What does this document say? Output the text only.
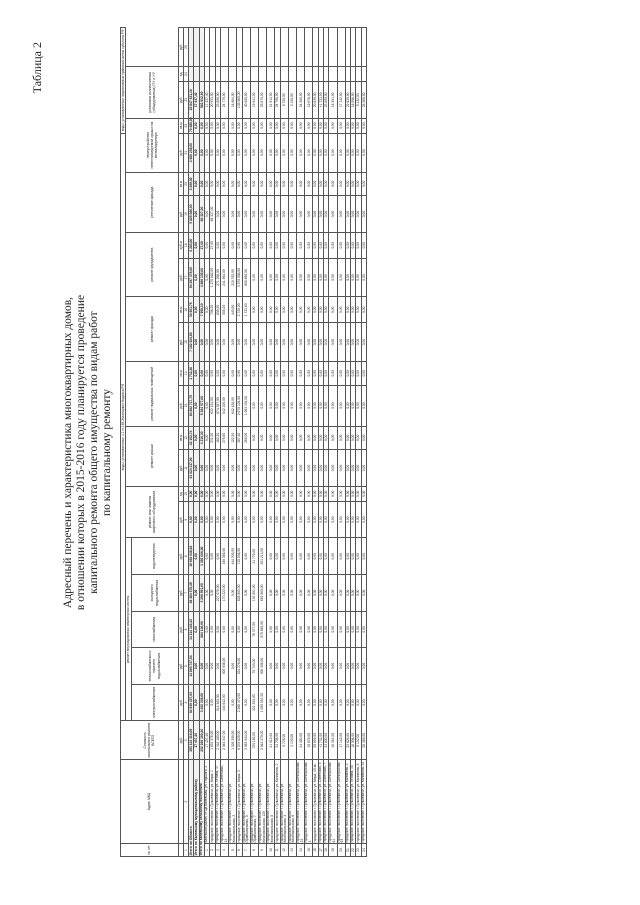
Таблица 2
Адресный перечень и характеристика многоквартирных домов, в отношении которых в 2015-2016 году планируется проведение капитального ремонта общего имущества по видам работ по капитальному ремонту
№ п/п	Адрес МКД	Стоимость капитального ремонта ВСЕГО	виды, установленные ч.1 ст.166 Жилищного Кодекса РФ																		виды, установленные нормативным правовым актом субъекта РФ			
			ремонт внутридомовых инженерных систем					ремонт или замена лифтового оборудования		ремонт крыши		ремонт подвальных помещений		ремонт фасада		ремонт фундамента		утепление фасада		переустройство невентилируемой крыши на вентилируемую		установка коллективных (общедомовых) ПУ и УУ		
			электроснабжения	теплоснабжения и горячего водоснабжения	газоснабжения	холодного водоснабжения	водоотведения																	
		руб.	руб.	руб.	руб.	руб.	руб.	руб.	ед.	руб.	кв.м	руб.	кв.м	руб.	кв.м	руб.	куб.м	руб.	кв.м	руб.	кв.м	руб.	ед.	руб.
1	2	3	4	5	6	7	8	9	10	11	12	13	14	15	16	17	18	19	20	21	22	23	24	25
Итого по Области		393 124 316,09	64 939 157,63	13 893 737,04	14 114 140,42	28 384 579,49	19 664 048,64	0,00	0,00	61 624 117,00	42 152,74	84 862 717,75	1 732,20	7 182 624,80	30 601,75	94 297 379,00	6 283,00	5 825 080,00	3 299,00	4 686 239,00	76 680,00	25 847 521,16		
Итого по Каневскому муниципальному району		17 437,40	0,00	0,00	0,00	0,00	0,00	0,00	0,00	0,00	0,00	0,00	0,00	0,00	0,00	0,00	0,00	0,00	0,00	0,00	0,00	17 437,40		
Итого по Каневскому сельскому поселению		262 266 160,40	3 462 336,00	0,00	684 140,00	3 296 551,00	1 392 066,00	0,00	0,00	0,00	4 216,30	5 184 577,00	0,00	0,00	7 958,10	4 896 135,00	27,00	86 327,00	0,00	0,00	0,00	582 912,60		
1	Каневской район, ст-ца Каневская, ул. Горького, 2	17 437,40	0,00	0,00	0,00	0,00	0,00	0,00	0,00	0,00	0,00	0,00	0,00	0,00	0,00	0,00	0,00	0,00	0,00	0,00	0,00	17 437,40		
2	городское поселение г. Гулькевичи, ул. Мира, 1	1 933 376,00	0,00	0,00	0,00	0,00	0,00	0,00	0,00	0,00	231,20	632 134,00	0,00	0,00	706,20	1 270 682,00	27,00	86 327,00	0,00	0,00	0,00	20 533,00		
3	городское поселение г. Гулькевичи, ул. Ленина, 37	2 318 190,00	514 360,00	0,00	0,00	227 078,00	0,00	0,00	0,00	0,00	182,20	974 357,00	0,00	0,00	605,30	271 296,00	0,00	0,00	0,00	0,00	0,00	23 899,00		
4	городское поселение г. Гулькевичи, ул. Советская, 24	2 045 347,00	444 642,00	309 536,00	0,00	170 222,00	190 085,00	0,00	0,00	0,00	276,60	842 229,00	0,00	0,00	555,20	241 964,00	0,00	0,00	0,00	0,00	0,00	24 779,00		
5	городское поселение г. Гулькевичи, ул. Комсомольская, 2	1 326 359,00	0,00	0,00	0,00	0,00	444 303,00	0,00	0,00	0,00	122,30	642 428,00	0,00	0,00	440,50	215 792,00	0,00	0,00	0,00	0,00	0,00	16 984,00		
6	городское поселение г. Гулькевичи, ул. Мира, 3	9 578 629,00	2 266 470,00	224 278,00	0,00	626 903,00	715 536,00	0,00	0,00	0,00	387,40	2 670 104,00	0,00	0,00	2 725,00	3 570 958,00	0,00	0,00	0,00	0,00	0,00	105 565,00		
7	городское поселение г. Гулькевичи, ул. Привокзальная, 5	3 963 944,00	0,00	0,00	0,00	0,00	0,00	0,00	0,00	0,00	269,00	1 063 154,00	0,00	0,00	1 722,80	655 660,00	0,00	0,00	0,00	0,00	0,00	40 000,00		
8	городское поселение г. Гулькевичи, ул. Привокзальная, 7	720 182,00	321 353,00	78 743,00	76 377,00	191 991,00	31 779,00	0,00	0,00	0,00	0,00	0,00	0,00	0,00	0,00	0,00	0,00	0,00	0,00	0,00	0,00	19 941,00		
9	городское поселение г. Гулькевичи, ул. Комсомольская, 128	2 942 370,00	1 050 557,00	308 406,00	575 863,00	682 560,00	301 213,00	0,00	0,00	0,00	0,00	0,00	0,00	0,00	0,00	0,00	0,00	0,00	0,00	0,00	0,00	25 870,00		
10	городское поселение г. Гулькевичи, ул. Комсомольская, 8	21 912,00	0,00	0,00	0,00	0,00	0,00	0,00	0,00	0,00	0,00	0,00	0,00	0,00	0,00	0,00	0,00	0,00	0,00	0,00	0,00	21 912,00		
11	городское поселение г. Гулькевичи, ул. Калинина, 2	24 708,00	0,00	0,00	0,00	0,00	0,00	0,00	0,00	0,00	0,00	0,00	0,00	0,00	0,00	0,00	0,00	0,00	0,00	0,00	0,00	24 708,00		
12	городское поселение г. Гулькевичи, ул. Комсомольская, 4	9 725,00	0,00	0,00	0,00	0,00	0,00	0,00	0,00	0,00	0,00	0,00	0,00	0,00	0,00	0,00	0,00	0,00	0,00	0,00	0,00	9 725,00		
13	городское поселение г. Гулькевичи, ул. Комсомольская, 6	3 130,00	0,00	0,00	0,00	0,00	0,00	0,00	0,00	0,00	0,00	0,00	0,00	0,00	0,00	0,00	0,00	0,00	0,00	0,00	0,00	3 130,00		
14	городское поселение г. Гулькевичи, ул. Октябрьская, 24	24 380,00	0,00	0,00	0,00	0,00	0,00	0,00	0,00	0,00	0,00	0,00	0,00	0,00	0,00	0,00	0,00	0,00	0,00	0,00	0,00	24 380,00		
15	городское поселение г. Гулькевичи, ул. Октябрьская, 3	19 678,00	0,00	0,00	0,00	0,00	0,00	0,00	0,00	0,00	0,00	0,00	0,00	0,00	0,00	0,00	0,00	0,00	0,00	0,00	0,00	19 678,00		
16	городское поселение г. Гулькевичи, ул. Мира, 40 кв.	20 839,00	0,00	0,00	0,00	0,00	0,00	0,00	0,00	0,00	0,00	0,00	0,00	0,00	0,00	0,00	0,00	0,00	0,00	0,00	0,00	20 839,00		
17	городское поселение г. Гулькевичи, ул. Советская, 5	+1 731,00	0,00	0,00	0,00	0,00	0,00	0,00	0,00	0,00	0,00	0,00	0,00	0,00	0,00	0,00	0,00	0,00	0,00	0,00	0,00	+1 731,00		
18	городское поселение г. Гулькевичи, ул. Советская, 7	23 800,00	0,00	0,00	0,00	0,00	0,00	0,00	0,00	0,00	0,00	0,00	0,00	0,00	0,00	0,00	0,00	0,00	0,00	0,00	0,00	23 800,00		
19	городское поселение г. Гулькевичи, ул. Октябрьская, 61	16 391,00	0,00	0,00	0,00	0,00	0,00	0,00	0,00	0,00	0,00	0,00	0,00	0,00	0,00	0,00	0,00	0,00	0,00	0,00	0,00	16 391,00		
20	городское поселение г. Гулькевичи, ул. Октябрьская, 63	17 142,00	0,00	0,00	0,00	0,00	0,00	0,00	0,00	0,00	0,00	0,00	0,00	0,00	0,00	0,00	0,00	0,00	0,00	0,00	0,00	17 142,00		
21	городское поселение г. Гулькевичи, ул. Калинина, 3	22 625,00	0,00	0,00	0,00	0,00	0,00	0,00	0,00	0,00	0,00	0,00	0,00	0,00	0,00	0,00	0,00	0,00	0,00	0,00	0,00	22 625,00		
22	городское поселение г. Гулькевичи, ул. Ленина, 34	16 006,00	0,00	0,00	0,00	0,00	0,00	0,00	0,00	0,00	0,00	0,00	0,00	0,00	0,00	0,00	0,00	0,00	0,00	0,00	0,00	16 006,00		
23	городское поселение г. Гулькевичи, ул. Калинина, 5	9 132,00	0,00	0,00	0,00	0,00	0,00	0,00	0,00	0,00	0,00	0,00	0,00	0,00	0,00	0,00	0,00	0,00	0,00	0,00	0,00	9 132,00		
24	городское поселение г. Гулькевичи, ул. Калинина, 14	28 369,00	0,00	0,00	0,00	0,00	0,00	0,00	0,00	0,00	0,00	0,00	0,00	0,00	0,00	0,00	0,00	0,00	0,00	0,00	0,00	28 369,00		
